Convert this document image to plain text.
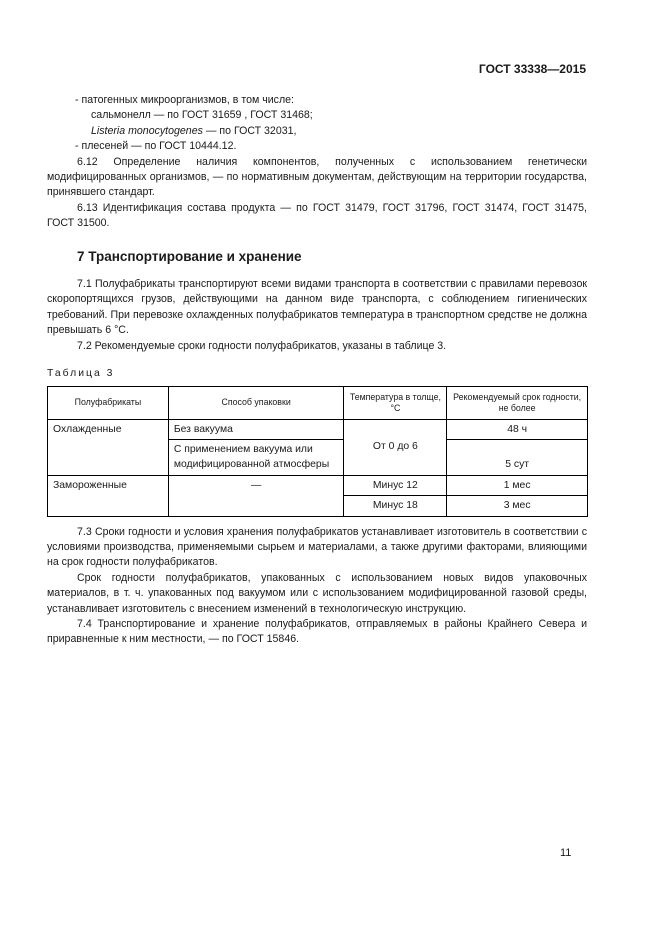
ГОСТ 33338—2015

- патогенных микроорганизмов, в том числе:

сальмонелл — по ГОСТ 31659 , ГОСТ 31468;

Listeria monocytogenes — по ГОСТ 32031,

- плесеней — по ГОСТ 10444.12.

6.12 Определение наличия компонентов, полученных с использованием генетически модифицированных организмов, — по нормативным документам, действующим на территории государства, принявшего стандарт.

6.13 Идентификация состава продукта — по ГОСТ 31479, ГОСТ 31796, ГОСТ 31474, ГОСТ 31475, ГОСТ 31500.

7 Транспортирование и хранение

7.1 Полуфабрикаты транспортируют всеми видами транспорта в соответствии с правилами перевозок скоропортящихся грузов, действующими на данном виде транспорта, с соблюдением гигиенических требований. При перевозке охлажденных полуфабрикатов температура в транспортном средстве не должна превышать 6 °С.

7.2 Рекомендуемые сроки годности полуфабрикатов, указаны в таблице 3.

Таблица 3
Полуфабрикаты	Способ упаковки	Температура в толще, °С	Рекомендуемый срок годности, не более
Охлажденные	Без вакуума	От 0 до 6	48 ч
	С применением вакуума или модифицированной атмосферы		5 сут
Замороженные	—	Минус 12	1 мес
		Минус 18	3 мес

7.3 Сроки годности и условия хранения полуфабрикатов устанавливает изготовитель в соответствии с условиями производства, применяемыми сырьем и материалами, а также другими факторами, влияющими на срок годности полуфабрикатов.

Срок годности полуфабрикатов, упакованных с использованием новых видов упаковочных материалов, в т. ч. упакованных под вакуумом или с использованием модифицированной газовой среды, устанавливает изготовитель с внесением изменений в технологическую инструкцию.

7.4 Транспортирование и хранение полуфабрикатов, отправляемых в районы Крайнего Севера и приравненные к ним местности, — по ГОСТ 15846.

11
